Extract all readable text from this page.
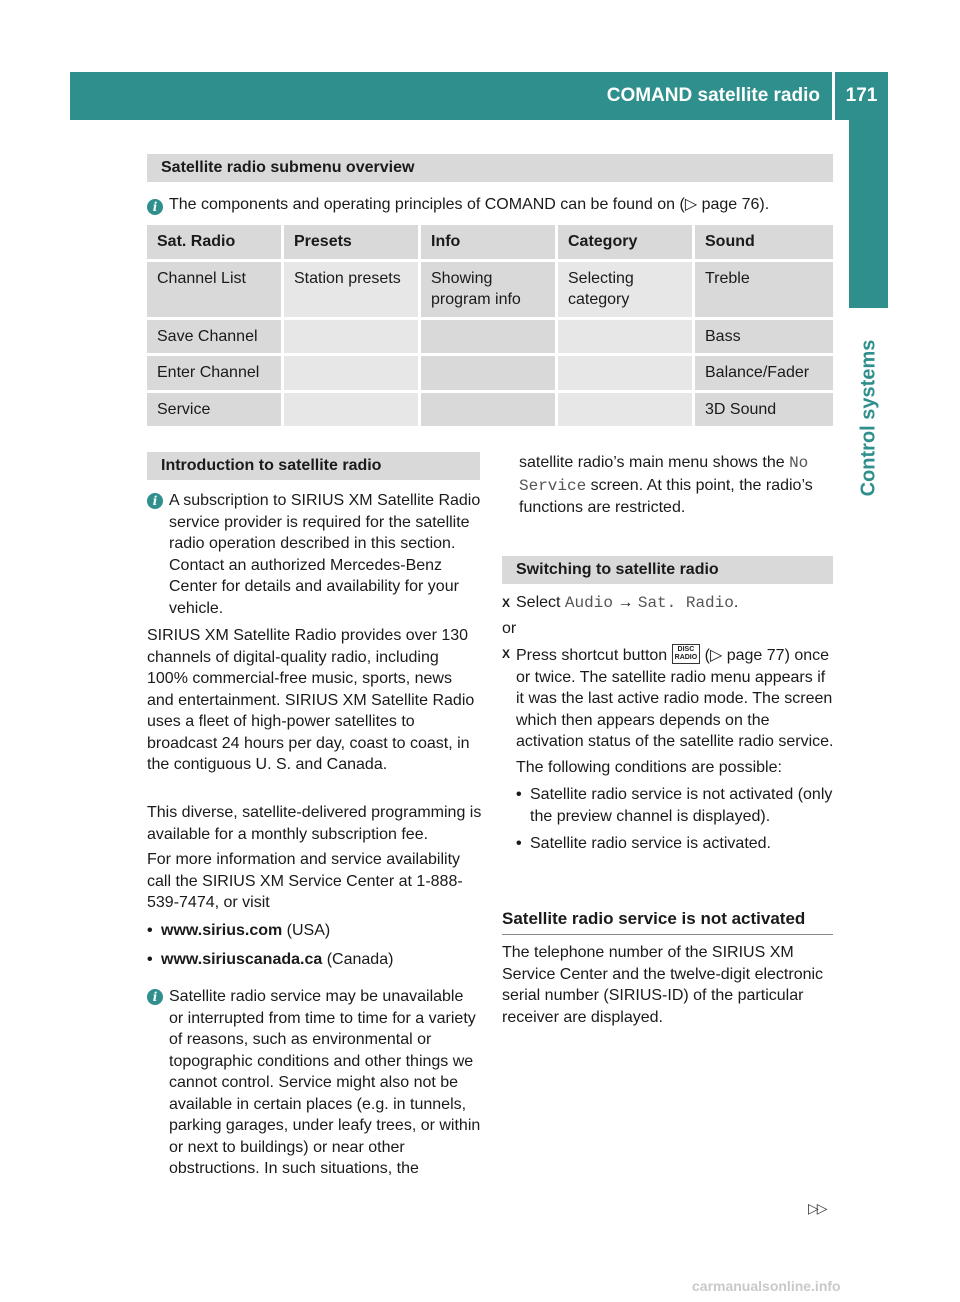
COMAND satellite radio	171
Control systems
Satellite radio submenu overview
i The components and operating principles of COMAND can be found on (▷ page 76).
Sat. Radio	Presets	Info	Category	Sound
Channel List	Station presets	Showing program info	Selecting category	Treble
Save Channel				Bass
Enter Channel				Balance/Fader
Service				3D Sound
Introduction to satellite radio
i A subscription to SIRIUS XM Satellite Radio service provider is required for the satellite radio operation described in this section. Contact an authorized Mercedes-Benz Center for details and availability for your vehicle.
SIRIUS XM Satellite Radio provides over 130 channels of digital-quality radio, including 100% commercial-free music, sports, news and entertainment. SIRIUS XM Satellite Radio uses a fleet of high-power satellites to broadcast 24 hours per day, coast to coast, in the contiguous U. S. and Canada.
This diverse, satellite-delivered programming is available for a monthly subscription fee.
For more information and service availability call the SIRIUS XM Service Center at 1-888-539-7474, or visit
• www.sirius.com (USA)
• www.siriuscanada.ca (Canada)
i Satellite radio service may be unavailable or interrupted from time to time for a variety of reasons, such as environmental or topographic conditions and other things we cannot control. Service might also not be available in certain places (e.g. in tunnels, parking garages, under leafy trees, or within or next to buildings) or near other obstructions. In such situations, the
satellite radio’s main menu shows the No Service screen. At this point, the radio’s functions are restricted.
Switching to satellite radio
X Select Audio → Sat. Radio.
or
X Press shortcut button DISC
RADIO (▷ page 77) once or twice. The satellite radio menu appears if it was the last active radio mode. The screen which then appears depends on the activation status of the satellite radio service.
The following conditions are possible:
• Satellite radio service is not activated (only the preview channel is displayed).
• Satellite radio service is activated.
Satellite radio service is not activated
The telephone number of the SIRIUS XM Service Center and the twelve-digit electronic serial number (SIRIUS-ID) of the particular receiver are displayed.
▷▷
carmanualsonline.info
